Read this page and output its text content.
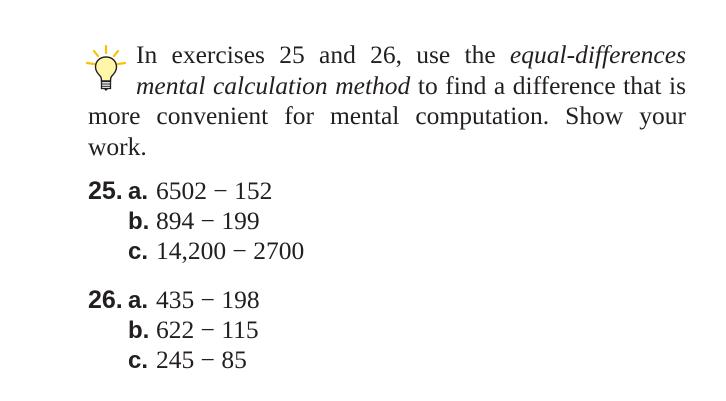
In exercises 25 and 26, use the equal-differences mental calculation method to find a difference that is more convenient for mental computation. Show your work.

25. a. 6502 − 152
b. 894 − 199
c. 14,200 − 2700
26. a. 435 − 198
b. 622 − 115
c. 245 − 85
